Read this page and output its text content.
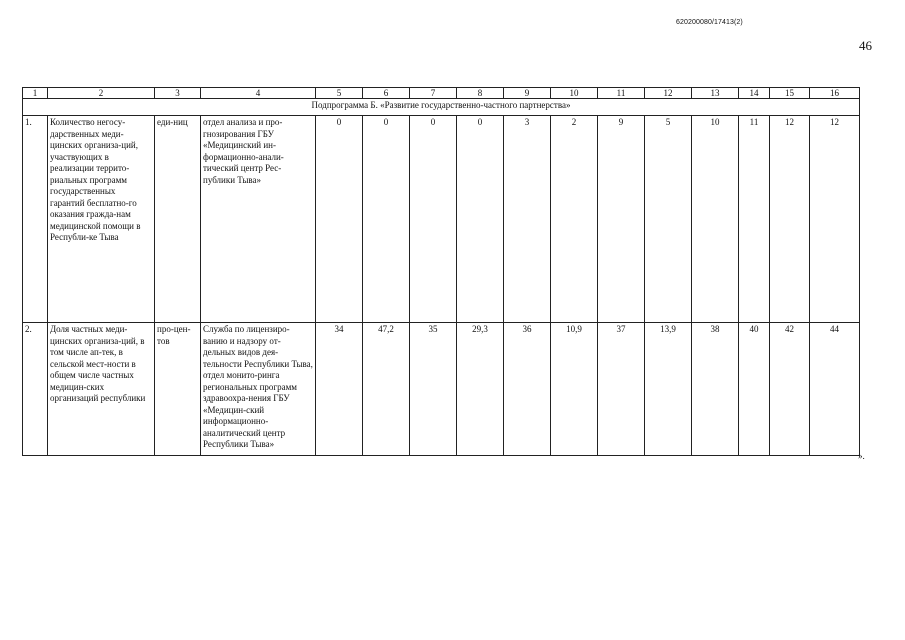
620200080/17413(2)
46
1	2	3	4	5	6	7	8	9	10	11	12	13	14	15	16
Подпрограмма Б. «Развитие государственно-частного партнерства»															
1.	Количество негосу-дарственных меди-цинских организа-ций, участвующих в реализации террито-риальных программ государственных гарантий бесплатно-го оказания гражда-нам медицинской помощи в Республи-ке Тыва	еди-ниц	отдел анализа и про-гнозирования ГБУ «Медицинский ин-формационно-анали-тический центр Рес-публики Тыва»	0	0	0	0	3	2	9	5	10	11	12	12
2.	Доля частных меди-цинских организа-ций, в том числе ап-тек, в сельской мест-ности в общем числе частных медицин-ских организаций республики	про-цен-тов	Служба по лицензиро-ванию и надзору от-дельных видов дея-тельности Республики Тыва, отдел монито-ринга региональных программ здравоохра-нения ГБУ «Медицин-ский информационно-аналитический центр Республики Тыва»	34	47,2	35	29,3	36	10,9	37	13,9	38	40	42	44
».
